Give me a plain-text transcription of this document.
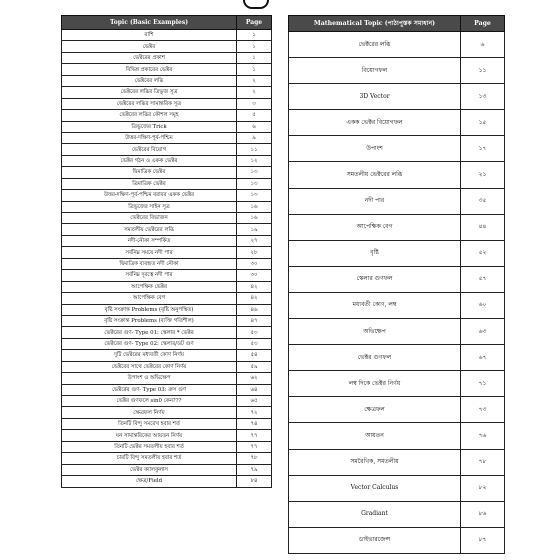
Topic (Basic Examples)	Page
রাশি	১
ভেক্টর	১
ভেক্টরের প্রকাশ	১
বিভিন্ন প্রকারের ভেক্টর	১
ভেক্টরের লব্ধি	২
ভেক্টরের লব্ধির ত্রিভুজ সূত্র	২
ভেক্টরের লব্ধির সামান্তরিক সূত্র	৩
ভেক্টরের লব্ধির কৌশল সমূহ	৫
ত্রিভুজের Trick	৬
উত্তর-দক্ষিণ-পূর্ব-পশ্চিম	৯
ভেক্টরের বিয়োগ	১১
ভেক্টর গঠন ও একক ভেক্টর	১২
দ্বিমাত্রিক ভেক্টর	১৩
ত্রিমাত্রিক ভেক্টর	১৩
উত্তর-দক্ষিণ-পূর্ব-পশ্চিম বরাবর একক ভেক্টর	১৩
ত্রিভুজের সাইন সূত্র	১৬
ভেক্টরের বিভাজন	১৬
সমতলীয় ভেক্টরের লব্ধি	১৯
নদী-নৌকা সম্পর্কিত	২৭
সর্বনিম্ন সময়ে নদী পার	২৮
দ্বিমাত্রিক ব্যবহৃত নদী নৌকা	৩০
সর্বনিম্ন দূরত্বে নদী পার	৩০
আপেক্ষিক ভেক্টর	৪২
আপেক্ষিক বেগ	৪২
বৃষ্টি সংক্রান্ত Problems (বৃষ্টি অনুপস্থিত)	৪৬
বৃষ্টি সংক্রান্ত Problems (ব্যক্তি গতিশীল)	৪৭
ভেক্টরের গুণ- Type 01: স্কেলার * ভেক্টর	৫৩
ভেক্টরের গুণ- Type 02: স্কেলার/ডট গুণ	৫৩
দুটি ভেক্টরের মধ্যবর্তী কোণ নির্ণয়	৫৪
ভেক্টরের সাথে ভেক্টরের কোণ নির্ণয়	৫৯
উপাংশ ও অভিক্ষেপ	৬২
ভেক্টরের গুণ- Type 03: ক্রস গুণ	৬৪
ভেক্টর গুণফলে sin0 কেন???	৬৫
ক্ষেত্রফল নির্ণয়	৭২
তিনটি বিন্দু সমরেখ হবার শর্ত	৭৪
ঘন সামান্তরিকের আয়তন নির্ণয়	৭৭
তিনটি ভেক্টর সমতলীয় হবার শর্ত	৭৭
চারটি বিন্দু সমতলীয় হবার শর্ত	৭৮
ভেক্টর ক্যালকুলাস	৭৯
ক্ষেত্র/Field	৮৪
Mathematical Topic (পাঠ্যপুস্তক সমাধান)	Page
ভেক্টরের লব্ধি	৬
বিয়োগফল	১১
3D Vector	১৩
একক ভেক্টর বিয়োগফল	১৫
উপাংশ	১৭
সমতলীয় ভেক্টরের লব্ধি	২১
নদী পার	৩৫
আপেক্ষিক বেগ	৪৪
বৃষ্টি	৫২
স্কেলার গুণফল	৫৭
মধ্যবর্তী কোণ, লম্ব	৬০
অভিক্ষেপ	৬৩
ভেক্টর গুণফল	৬৭
লম্ব দিকে ভেক্টর নির্ণয়	৭১
ক্ষেত্রফল	৭৩
আয়তন	৭৬
সমরৈখিক, সমতলীয়	৭৮
Vector Calculus	৮২
Gradiant	৮৬
ডাইভারজেন্স	৮৭
